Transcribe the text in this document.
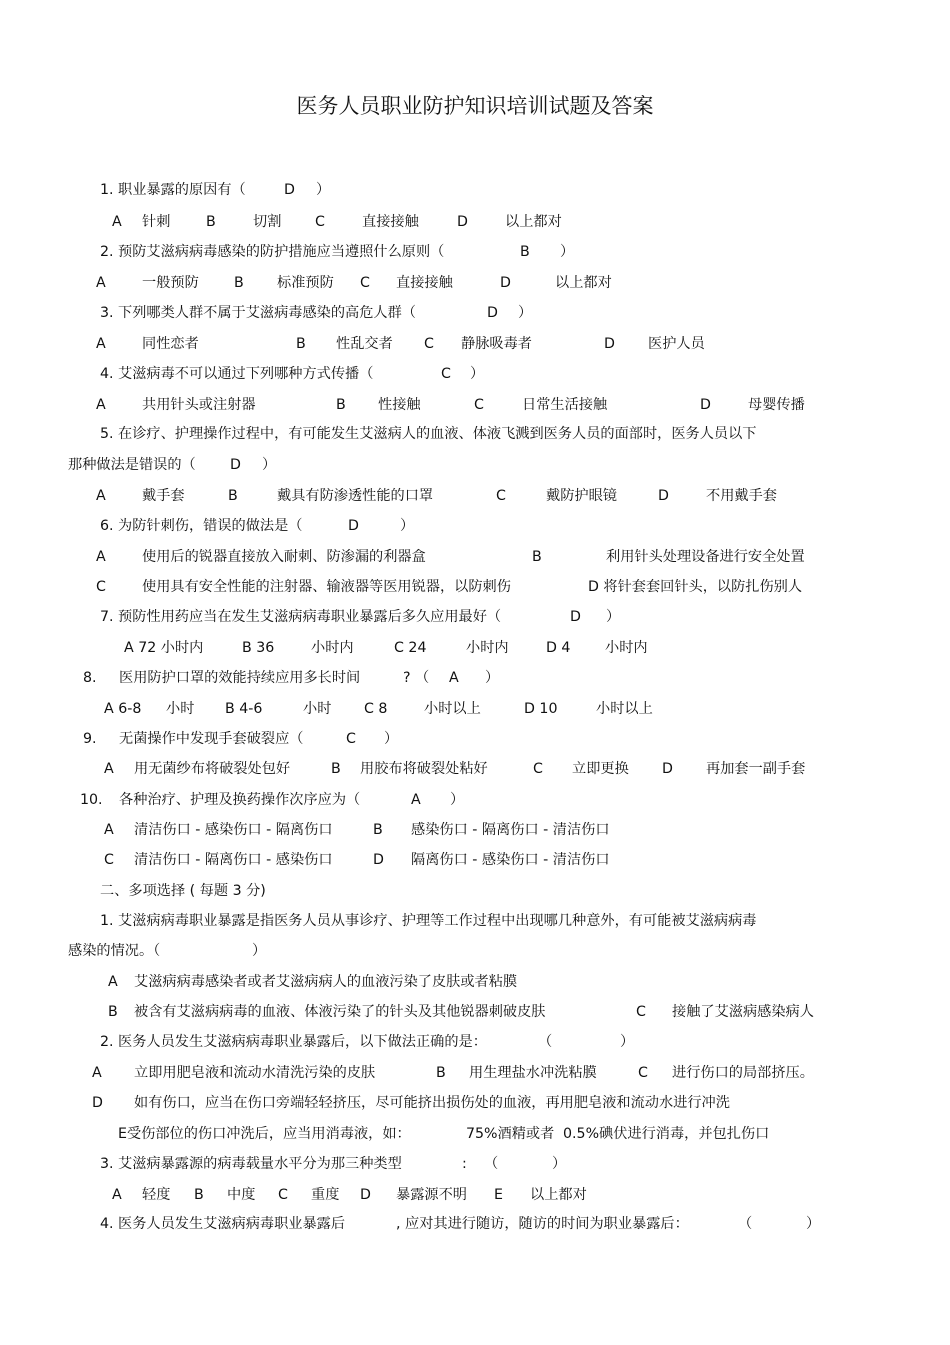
医务人员职业防护知识培训试题及答案
1. 职业暴露的原因有（	D ）
A 针刺	B	切割 C	直接接触	D	以上都对
2. 预防艾滋病病毒感染的防护措施应当遵照什么原则（	B ）
A	一般预防 B 标准预防 C 直接接触	D	以上都对
3. 下列哪类人群不属于艾滋病毒感染的高危人群（	D ）
A	同性恋者	B 性乱交者 C 静脉吸毒者	D 医护人员
4. 艾滋病毒不可以通过下列哪种方式传播（	C ）
A	共用针头或注射器	B 性接触	C	日常生活接触	D	母婴传播
5. 在诊疗、护理操作过程中，有可能发生艾滋病人的血液、体液飞溅到医务人员的面部时，医务人员以下
那种做法是错误的（ D ）
A	戴手套	B	戴具有防渗透性能的口罩	C	戴防护眼镜	D	不用戴手套
6. 为防针刺伤，错误的做法是（	D	）
A	使用后的锐器直接放入耐刺、防渗漏的利器盒	B	利用针头处理设备进行安全处置
C	使用具有安全性能的注射器、输液器等医用锐器，以防刺伤	D 将针套套回针头，以防扎伤别人
7. 预防性用药应当在发生艾滋病病毒职业暴露后多久应用最好（	D ）
A 72 小时内	B 36	小时内	C 24	小时内	D 4 小时内
8. 医用防护口罩的效能持续应用多长时间	? （ A ）
A 6-8 小时 B 4-6	小时 C 8	小时以上	D 10	小时以上
9. 无菌操作中发现手套破裂应（	C ）
A 用无菌纱布将破裂处包好	B 用胶布将破裂处粘好	C 立即更换 D 再加套一副手套
10. 各种治疗、护理及换药操作次序应为（	A ）
A 清洁伤口 - 感染伤口 - 隔离伤口	B 感染伤口 - 隔离伤口 - 清洁伤口
C 清洁伤口 - 隔离伤口 - 感染伤口	D 隔离伤口 - 感染伤口 - 清洁伤口
二、多项选择 ( 每题 3 分)
1. 艾滋病病毒职业暴露是指医务人员从事诊疗、护理等工作过程中出现哪几种意外，有可能被艾滋病病毒
感染的情况。（	）
A 艾滋病病毒感染者或者艾滋病病人的血液污染了皮肤或者粘膜
B 被含有艾滋病病毒的血液、体液污染了的针头及其他锐器刺破皮肤	C 接触了艾滋病感染病人
2. 医务人员发生艾滋病病毒职业暴露后，以下做法正确的是：	（	）
A 立即用肥皂液和流动水清洗污染的皮肤	B 用生理盐水冲洗粘膜	C 进行伤口的局部挤压。
D 如有伤口，应当在伤口旁端轻轻挤压，尽可能挤出损伤处的血液，再用肥皂液和流动水进行冲洗
E受伤部位的伤口冲洗后，应当用消毒液，如：	75%酒精或者 0.5%碘伏进行消毒，并包扎伤口
3. 艾滋病暴露源的病毒载量水平分为那三种类型	: （	）
A 轻度 B 中度 C 重度 D 暴露源不明 E 以上都对
4. 医务人员发生艾滋病病毒职业暴露后	, 应对其进行随访，随访的时间为职业暴露后：	（	）
